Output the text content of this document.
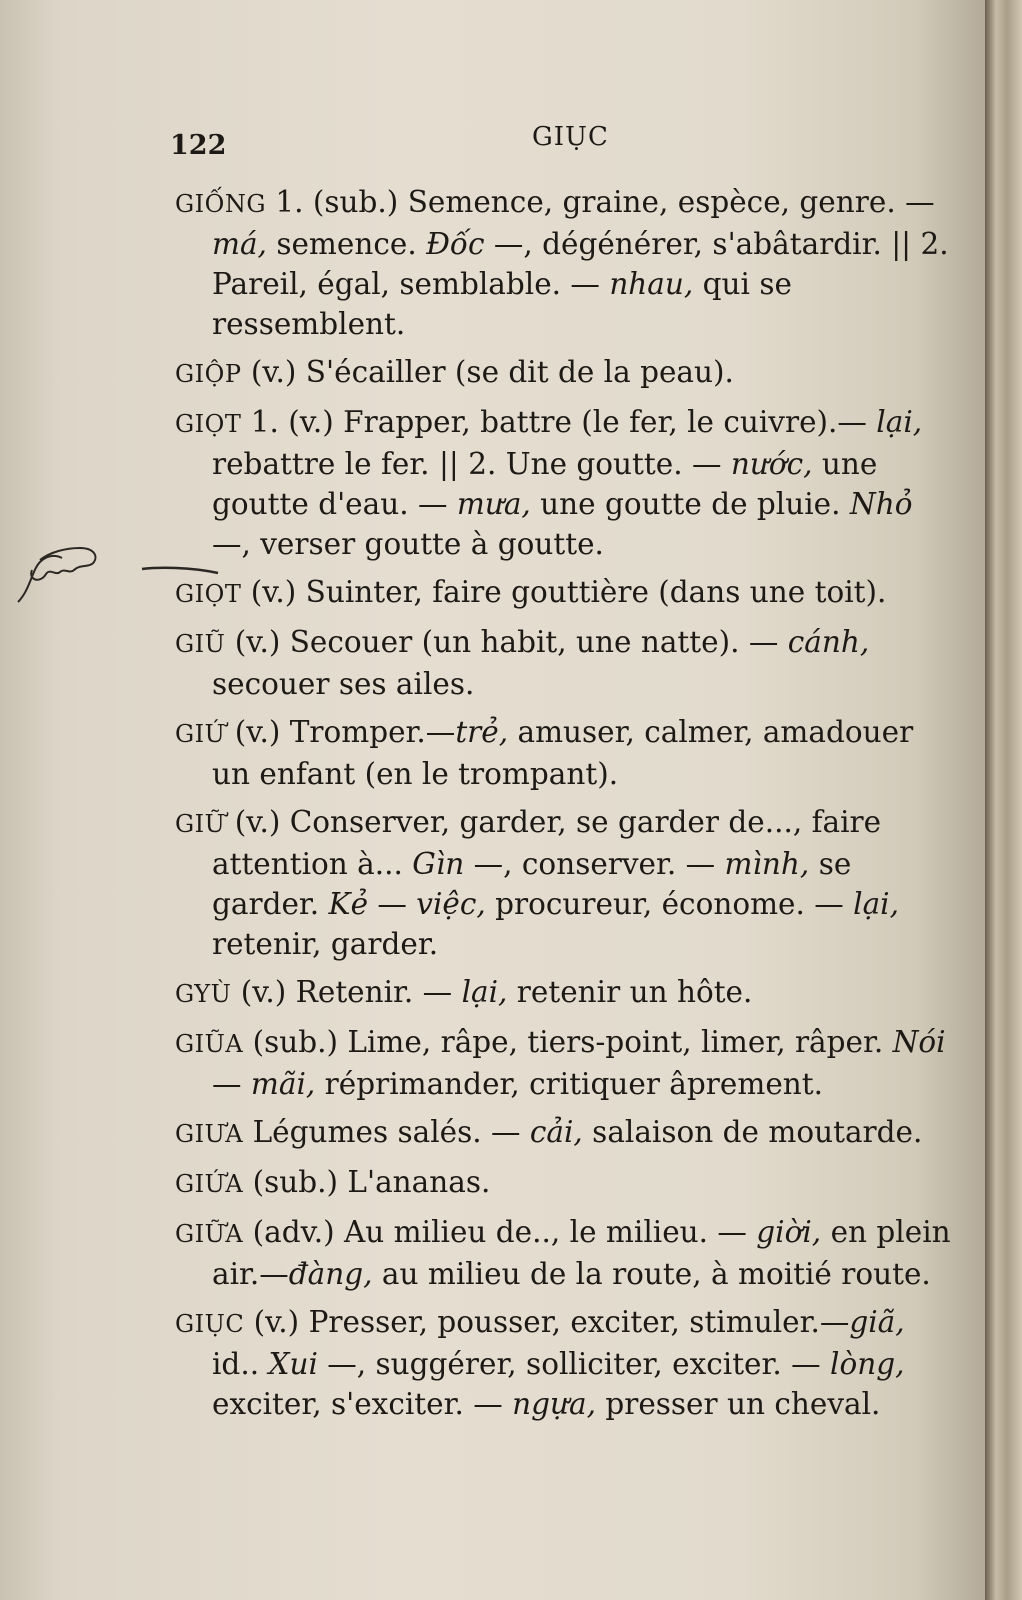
122	GIỤC
GIỐNG 1. (sub.) Semence, graine, espèce, genre. — má, semence. Đốc —, dégénérer, s'abâtardir. || 2. Pareil, égal, semblable. — nhau, qui se ressemblent.
GIỘP (v.) S'écailler (se dit de la peau).
GIỌT 1. (v.) Frapper, battre (le fer, le cuivre).— lại, rebattre le fer. || 2. Une goutte. — nước, une goutte d'eau. — mưa, une goutte de pluie. Nhỏ —, verser goutte à goutte.
GIỌT (v.) Suinter, faire gouttière (dans une toit).
GIŨ (v.) Secouer (un habit, une natte). — cánh, secouer ses ailes.
GIỨ (v.) Tromper.—trẻ, amuser, calmer, amadouer un enfant (en le trompant).
GIỮ (v.) Conserver, garder, se garder de..., faire attention à... Gìn —, conserver. — mình, se garder. Kẻ — việc, procureur, économe. — lại, retenir, garder.
GYÙ (v.) Retenir. — lại, retenir un hôte.
GIŨA (sub.) Lime, râpe, tiers-point, limer, râper. Nói — mãi, réprimander, critiquer âprement.
GIƯA Légumes salés. — cải, salaison de moutarde.
GIỨA (sub.) L'ananas.
GIỮA (adv.) Au milieu de.., le milieu. — giời, en plein air.—đàng, au milieu de la route, à moitié route.
GIỤC (v.) Presser, pousser, exciter, stimuler.—giã, id.. Xui —, suggérer, solliciter, exciter. — lòng, exciter, s'exciter. — ngựa, presser un cheval.
